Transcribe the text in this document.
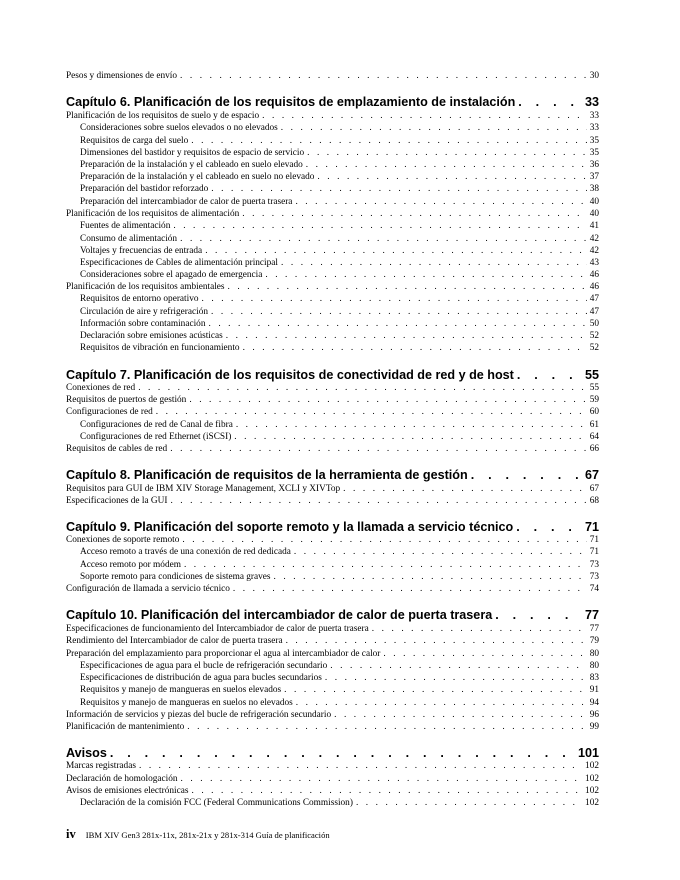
Pesos y dimensiones de envío . . .	30
Capítulo 6. Planificación de los requisitos de emplazamiento de instalación . . .	33
Planificación de los requisitos de suelo y de espacio . . .	33
Consideraciones sobre suelos elevados o no elevados . . .	33
Requisitos de carga del suelo . . .	35
Dimensiones del bastidor y requisitos de espacio de servicio . . .	35
Preparación de la instalación y el cableado en suelo elevado . . .	36
Preparación de la instalación y el cableado en suelo no elevado . . .	37
Preparación del bastidor reforzado . . .	38
Preparación del intercambiador de calor de puerta trasera . . .	40
Planificación de los requisitos de alimentación . . .	40
Fuentes de alimentación . . .	41
Consumo de alimentación . . .	42
Voltajes y frecuencias de entrada . . .	42
Especificaciones de Cables de alimentación principal . . .	43
Consideraciones sobre el apagado de emergencia . . .	46
Planificación de los requisitos ambientales . . .	46
Requisitos de entorno operativo . . .	47
Circulación de aire y refrigeración . . .	47
Información sobre contaminación . . .	50
Declaración sobre emisiones acústicas . . .	52
Requisitos de vibración en funcionamiento . . .	52
Capítulo 7. Planificación de los requisitos de conectividad de red y de host . . .	55
Conexiones de red . . .	55
Requisitos de puertos de gestión . . .	59
Configuraciones de red . . .	60
Configuraciones de red de Canal de fibra . . .	61
Configuraciones de red Ethernet (iSCSI) . . .	64
Requisitos de cables de red . . .	66
Capítulo 8. Planificación de requisitos de la herramienta de gestión . . .	67
Requisitos para GUI de IBM XIV Storage Management, XCLI y XIVTop . . .	67
Especificaciones de la GUI . . .	68
Capítulo 9. Planificación del soporte remoto y la llamada a servicio técnico . . .	71
Conexiones de soporte remoto . . .	71
Acceso remoto a través de una conexión de red dedicada . . .	71
Acceso remoto por módem . . .	73
Soporte remoto para condiciones de sistema graves . . .	73
Configuración de llamada a servicio técnico . . .	74
Capítulo 10. Planificación del intercambiador de calor de puerta trasera . . .	77
Especificaciones de funcionamiento del Intercambiador de calor de puerta trasera . . .	77
Rendimiento del Intercambiador de calor de puerta trasera . . .	79
Preparación del emplazamiento para proporcionar el agua al intercambiador de calor . . .	80
Especificaciones de agua para el bucle de refrigeración secundario . . .	80
Especificaciones de distribución de agua para bucles secundarios . . .	83
Requisitos y manejo de mangueras en suelos elevados . . .	91
Requisitos y manejo de mangueras en suelos no elevados . . .	94
Información de servicios y piezas del bucle de refrigeración secundario . . .	96
Planificación de mantenimiento . . .	99
Avisos . . .	101
Marcas registradas . . .	102
Declaración de homologación . . .	102
Avisos de emisiones electrónicas . . .	102
Declaración de la comisión FCC (Federal Communications Commission) . . .	102
iv IBM XIV Gen3 281x-11x, 281x-21x y 281x-314 Guía de planificación
